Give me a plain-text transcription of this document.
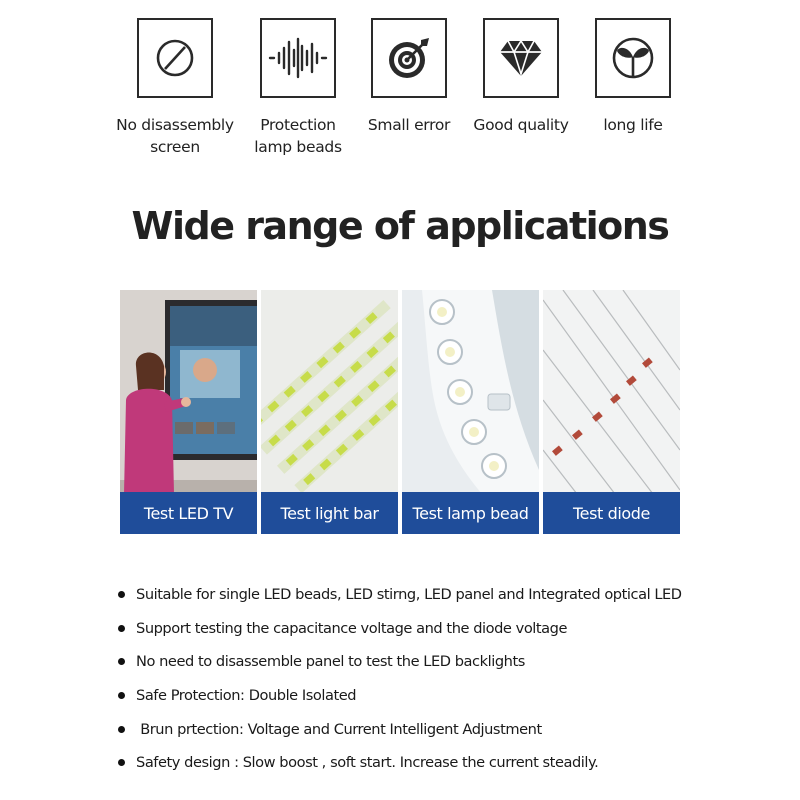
No disassembly
screen
Protection
lamp beads
Small error	Good quality	long life
Wide range of applications
Test LED TV	Test light bar	Test lamp bead	Test diode
Suitable for single LED beads, LED stirng, LED panel and Integrated optical LED
Support testing the capacitance voltage and the diode voltage
No need to disassemble panel to test the LED backlights
Safe Protection: Double Isolated
Brun prtection: Voltage and Current Intelligent Adjustment
Safety design : Slow boost , soft start. Increase the current steadily.
